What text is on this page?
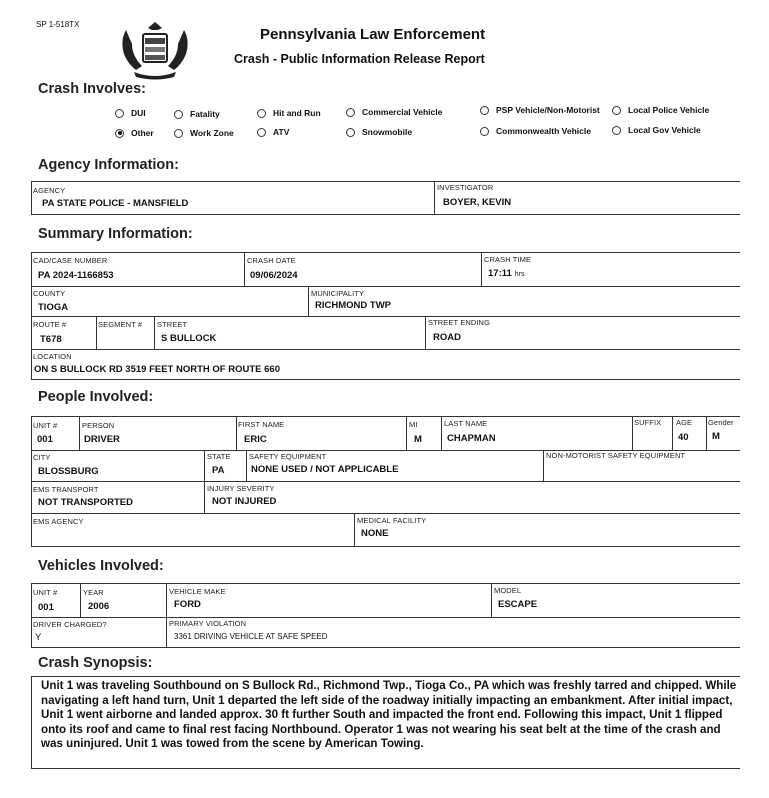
SP 1-518TX
Pennsylvania Law Enforcement
Crash - Public Information Release Report
Crash Involves:
DUI
Other
Fatality
Work Zone
Hit and Run
ATV
Commercial Vehicle
Snowmobile
PSP Vehicle/Non-Motorist
Commonwealth Vehicle
Local Police Vehicle
Local Gov Vehicle
Agency Information:
AGENCY
PA STATE POLICE - MANSFIELD
INVESTIGATOR
BOYER, KEVIN
Summary Information:
CAD/CASE NUMBER
PA 2024-1166853
CRASH DATE
09/06/2024
CRASH TIME
17:11 hrs
COUNTY
TIOGA
MUNICIPALITY
RICHMOND TWP
ROUTE #
T678
SEGMENT # STREET
S BULLOCK
STREET ENDING
ROAD
LOCATION
ON S BULLOCK RD 3519 FEET NORTH OF ROUTE 660
People Involved:
UNIT #
001
PERSON
DRIVER
FIRST NAME
ERIC
MI
M
LAST NAME
CHAPMAN
SUFFIX AGE
40
Gender
M
CITY
BLOSSBURG
STATE
PA
SAFETY EQUIPMENT
NONE USED / NOT APPLICABLE
NON-MOTORIST SAFETY EQUIPMENT
EMS TRANSPORT
NOT TRANSPORTED
INJURY SEVERITY
NOT INJURED
EMS AGENCY	MEDICAL FACILITY
NONE
Vehicles Involved:
UNIT #
001
YEAR
2006
VEHICLE MAKE
FORD
MODEL
ESCAPE
DRIVER CHARGED?
Y
PRIMARY VIOLATION
3361 DRIVING VEHICLE AT SAFE SPEED
Crash Synopsis:
Unit 1 was traveling Southbound on S Bullock Rd., Richmond Twp., Tioga Co., PA which was freshly tarred and chipped. While navigating a left hand turn, Unit 1 departed the left side of the roadway initially impacting an embankment. After initial impact, Unit 1 went airborne and landed approx. 30 ft further South and impacted the front end. Following this impact, Unit 1 flipped onto its roof and came to final rest facing Northbound. Operator 1 was not wearing his seat belt at the time of the crash and was uninjured. Unit 1 was towed from the scene by American Towing.
